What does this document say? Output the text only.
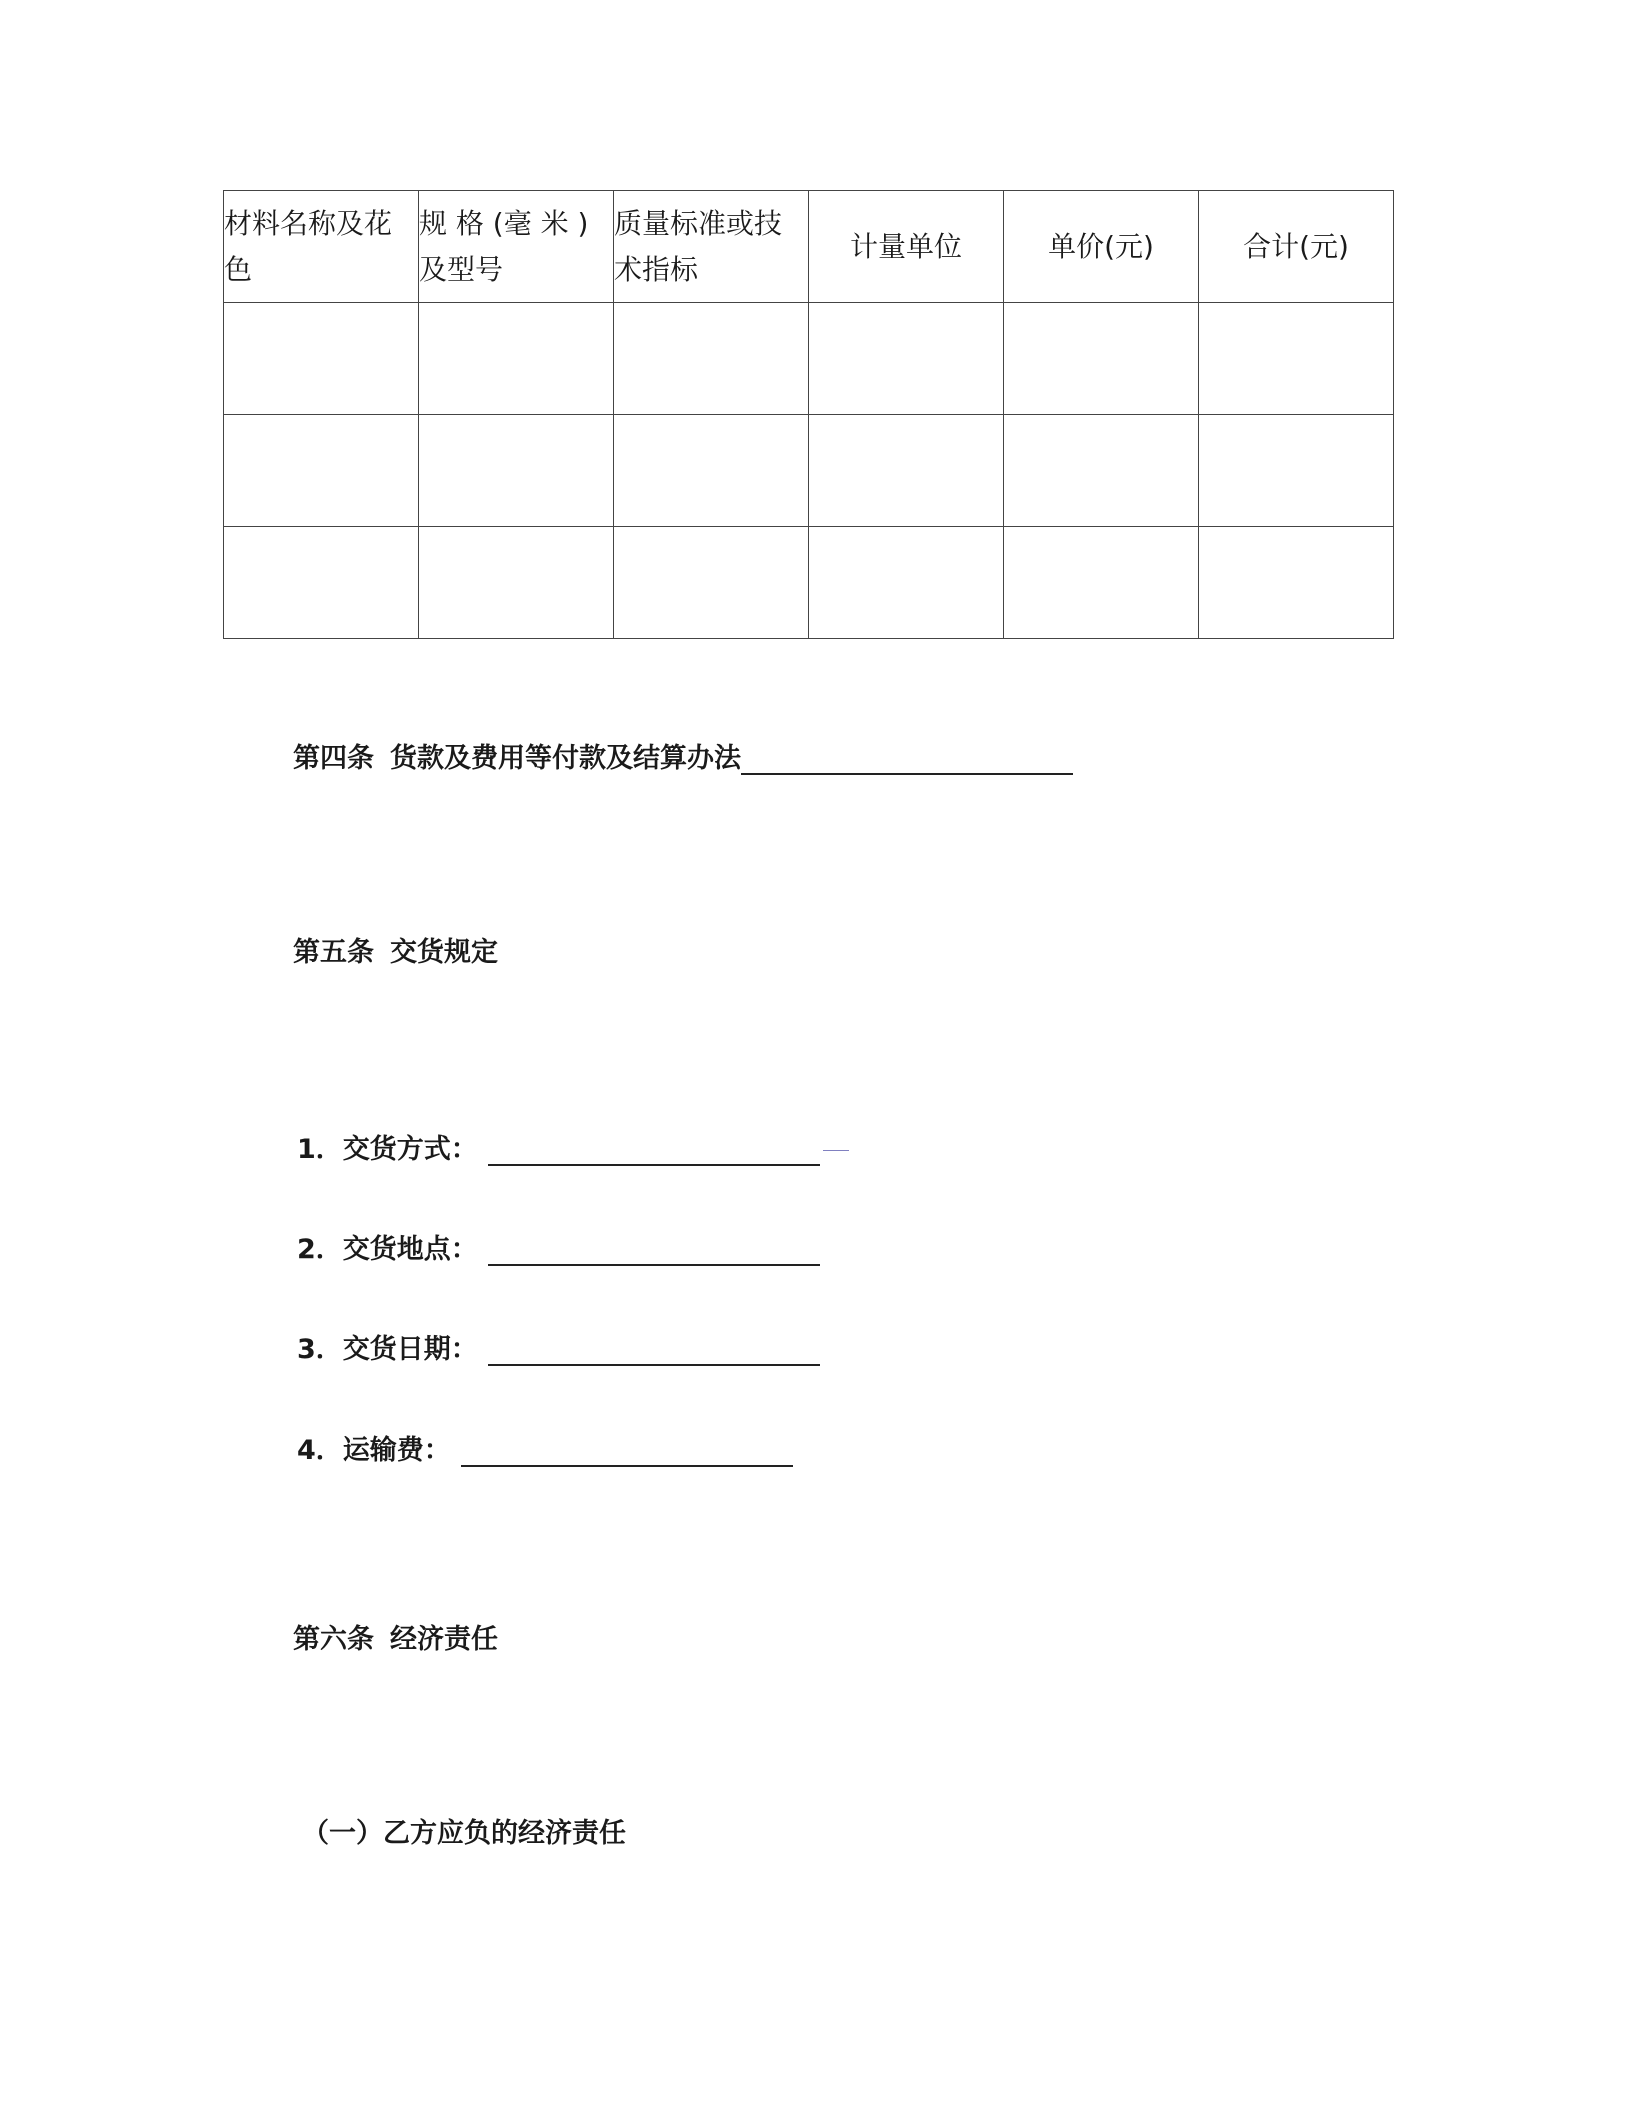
材料名称及花色	规 格 (毫 米 ) 及型号	质量标准或技术指标	计量单位	单价(元)	合计(元)

第四条 货款及费用等付款及结算办法
第五条 交货规定
1．交货方式：
2．交货地点：
3．交货日期：
4．运输费：
第六条 经济责任
（一）乙方应负的经济责任
